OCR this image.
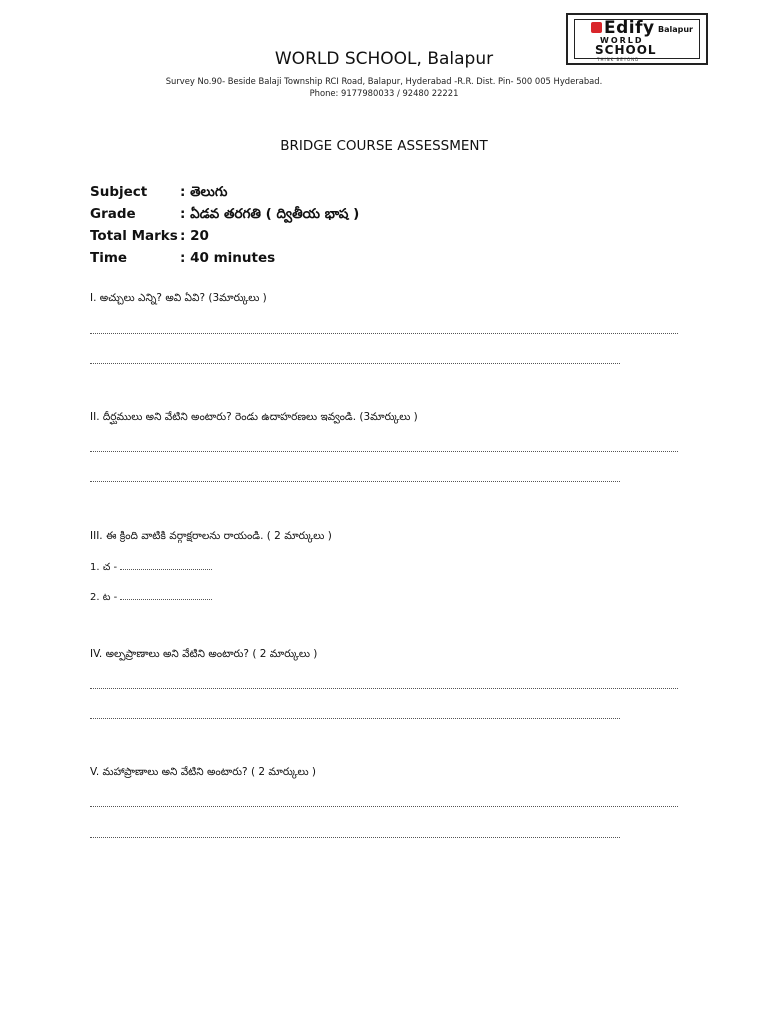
Edify Balapur
WORLD
SCHOOL
THINK BEYOND
WORLD SCHOOL, Balapur
Survey No.90- Beside Balaji Township RCI Road, Balapur, Hyderabad -R.R. Dist. Pin- 500 005 Hyderabad.
Phone: 9177980033 / 92480 22221
BRIDGE COURSE ASSESSMENT
Subject : తెలుగు
Grade	: ఏడవ తరగతి ( ద్వితీయ భాష )
Total Marks : 20
Time	: 40 minutes
I. అచ్చులు ఎన్ని? అవి ఏవి? (3మార్కులు )
II. దీర్ఘములు అని వేటిని అంటారు? రెండు ఉదాహరణలు ఇవ్వండి. (3మార్కులు )
III. ఈ క్రింది వాటికి వర్గాక్షరాలను రాయండి. ( 2 మార్కులు )
1. చ -
2. ట -
IV. అల్పప్రాణాలు అని వేటిని అంటారు? ( 2 మార్కులు )
V. మహాప్రాణాలు అని వేటిని అంటారు? ( 2 మార్కులు )
